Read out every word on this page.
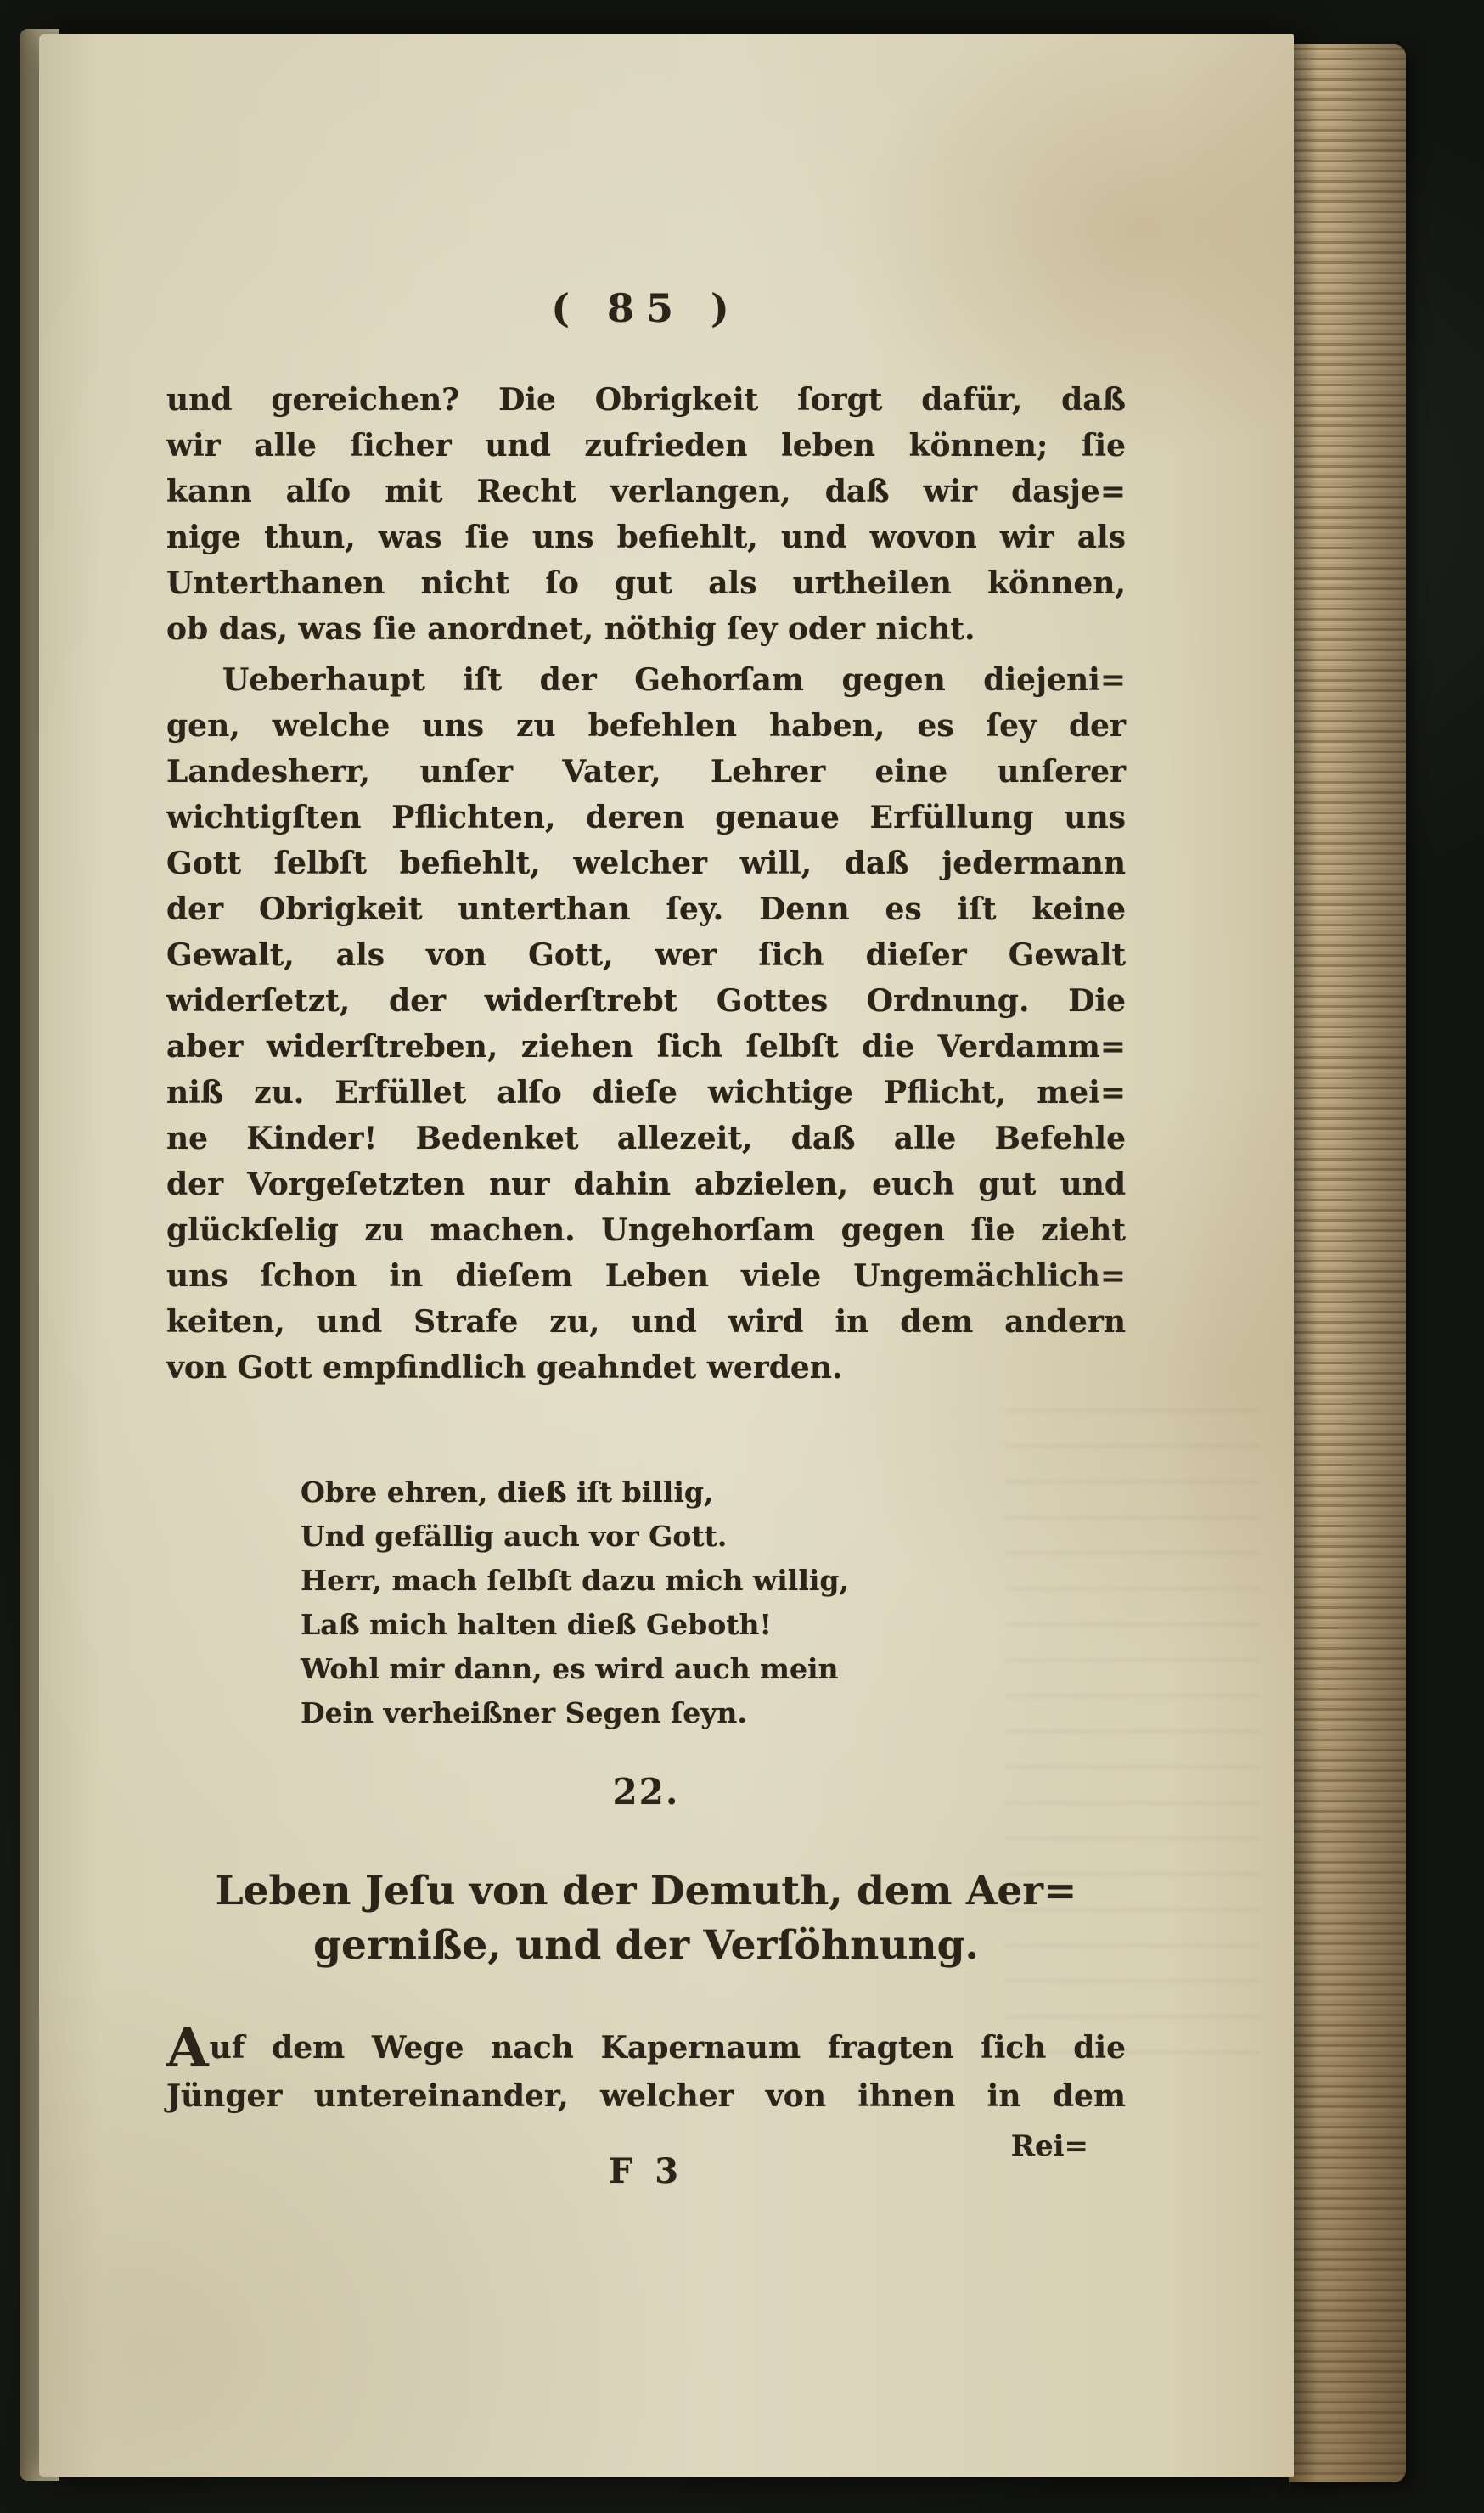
( 85 )
und gereichen? Die Obrigkeit ſorgt dafür, daß
wir alle ſicher und zufrieden leben können; ſie
kann alſo mit Recht verlangen, daß wir dasje=
nige thun, was ſie uns befiehlt, und wovon wir als
Unterthanen nicht ſo gut als urtheilen können,
ob das, was ſie anordnet, nöthig ſey oder nicht.
Ueberhaupt iſt der Gehorſam gegen diejeni=
gen, welche uns zu befehlen haben, es ſey der
Landesherr, unſer Vater, Lehrer eine unſerer
wichtigſten Pflichten, deren genaue Erfüllung uns
Gott ſelbſt befiehlt, welcher will, daß jedermann
der Obrigkeit unterthan ſey. Denn es iſt keine
Gewalt, als von Gott, wer ſich dieſer Gewalt
widerſetzt, der widerſtrebt Gottes Ordnung. Die
aber widerſtreben, ziehen ſich ſelbſt die Verdamm=
niß zu. Erfüllet alſo dieſe wichtige Pflicht, mei=
ne Kinder! Bedenket allezeit, daß alle Befehle
der Vorgeſetzten nur dahin abzielen, euch gut und
glückſelig zu machen. Ungehorſam gegen ſie zieht
uns ſchon in dieſem Leben viele Ungemächlich=
keiten, und Strafe zu, und wird in dem andern
von Gott empfindlich geahndet werden.
Obre ehren, dieß iſt billig,
Und gefällig auch vor Gott.
Herr, mach ſelbſt dazu mich willig,
Laß mich halten dieß Geboth!
Wohl mir dann, es wird auch mein
Dein verheißner Segen ſeyn.
22.
Leben Jeſu von der Demuth, dem Aer=
gerniße, und der Verſöhnung.
Auf dem Wege nach Kapernaum fragten ſich die
Jünger untereinander, welcher von ihnen in dem
F 3
Rei=
